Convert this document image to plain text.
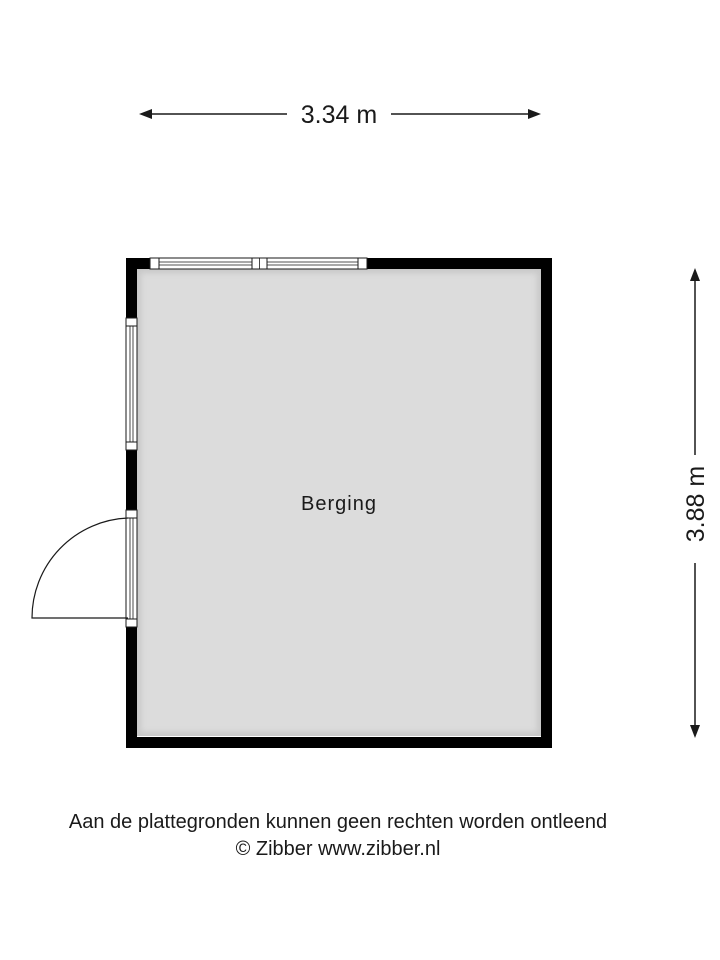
3.34 m
3.88 m
Berging
Aan de plattegronden kunnen geen rechten worden ontleend
© Zibber www.zibber.nl
